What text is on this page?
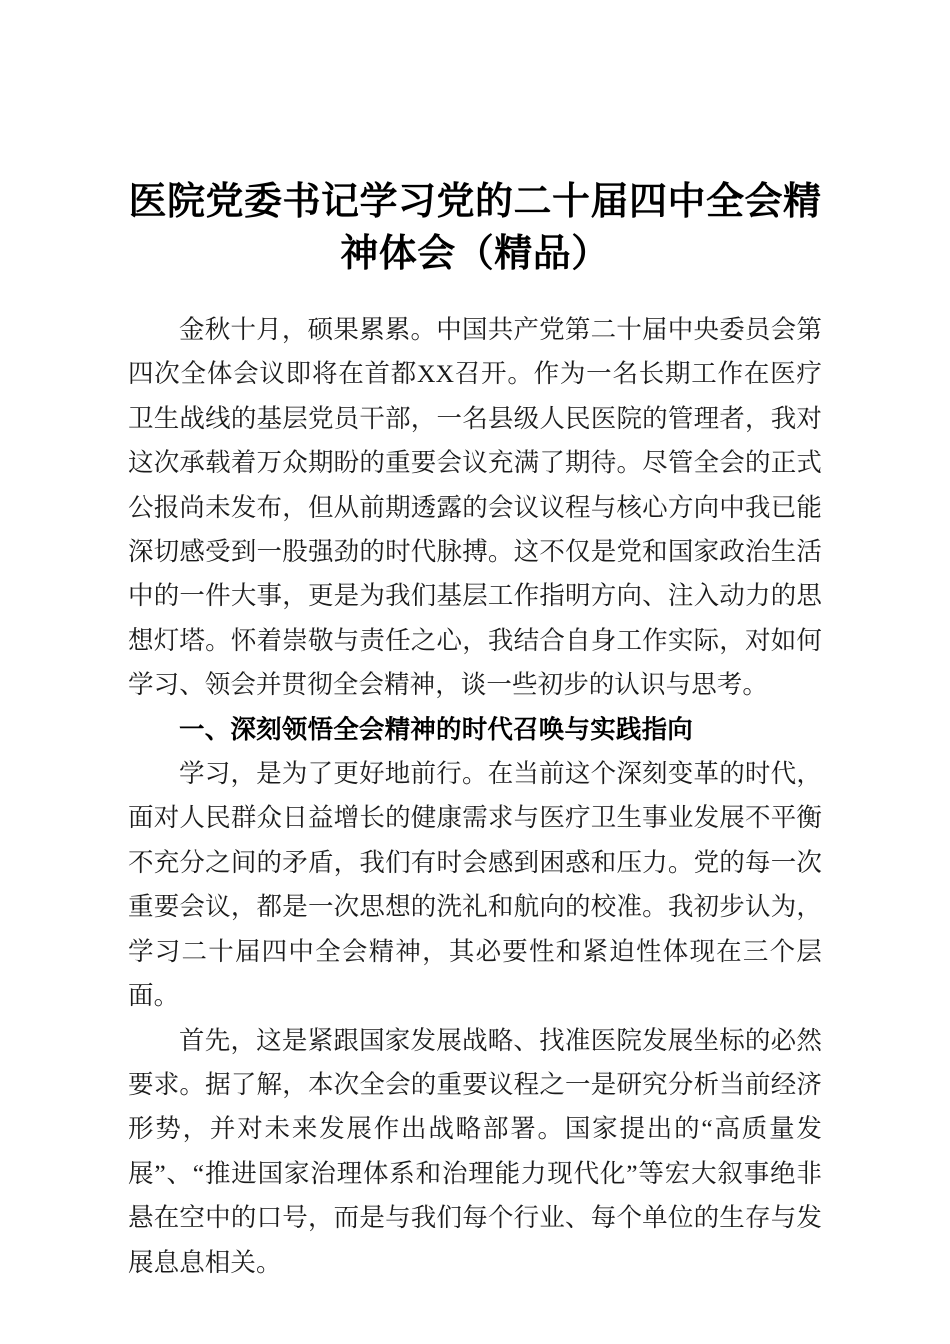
医院党委书记学习党的二十届四中全会精神体会（精品）

金秋十月，硕果累累。中国共产党第二十届中央委员会第四次全体会议即将在首都XX召开。作为一名长期工作在医疗卫生战线的基层党员干部，一名县级人民医院的管理者，我对这次承载着万众期盼的重要会议充满了期待。尽管全会的正式公报尚未发布，但从前期透露的会议议程与核心方向中我已能深切感受到一股强劲的时代脉搏。这不仅是党和国家政治生活中的一件大事，更是为我们基层工作指明方向、注入动力的思想灯塔。怀着崇敬与责任之心，我结合自身工作实际，对如何学习、领会并贯彻全会精神，谈一些初步的认识与思考。

一、深刻领悟全会精神的时代召唤与实践指向

学习，是为了更好地前行。在当前这个深刻变革的时代，面对人民群众日益增长的健康需求与医疗卫生事业发展不平衡不充分之间的矛盾，我们有时会感到困惑和压力。党的每一次重要会议，都是一次思想的洗礼和航向的校准。我初步认为，学习二十届四中全会精神，其必要性和紧迫性体现在三个层面。

首先，这是紧跟国家发展战略、找准医院发展坐标的必然要求。据了解，本次全会的重要议程之一是研究分析当前经济形势，并对未来发展作出战略部署。国家提出的“高质量发展”、“推进国家治理体系和治理能力现代化”等宏大叙事绝非悬在空中的口号，而是与我们每个行业、每个单位的生存与发展息息相关。
